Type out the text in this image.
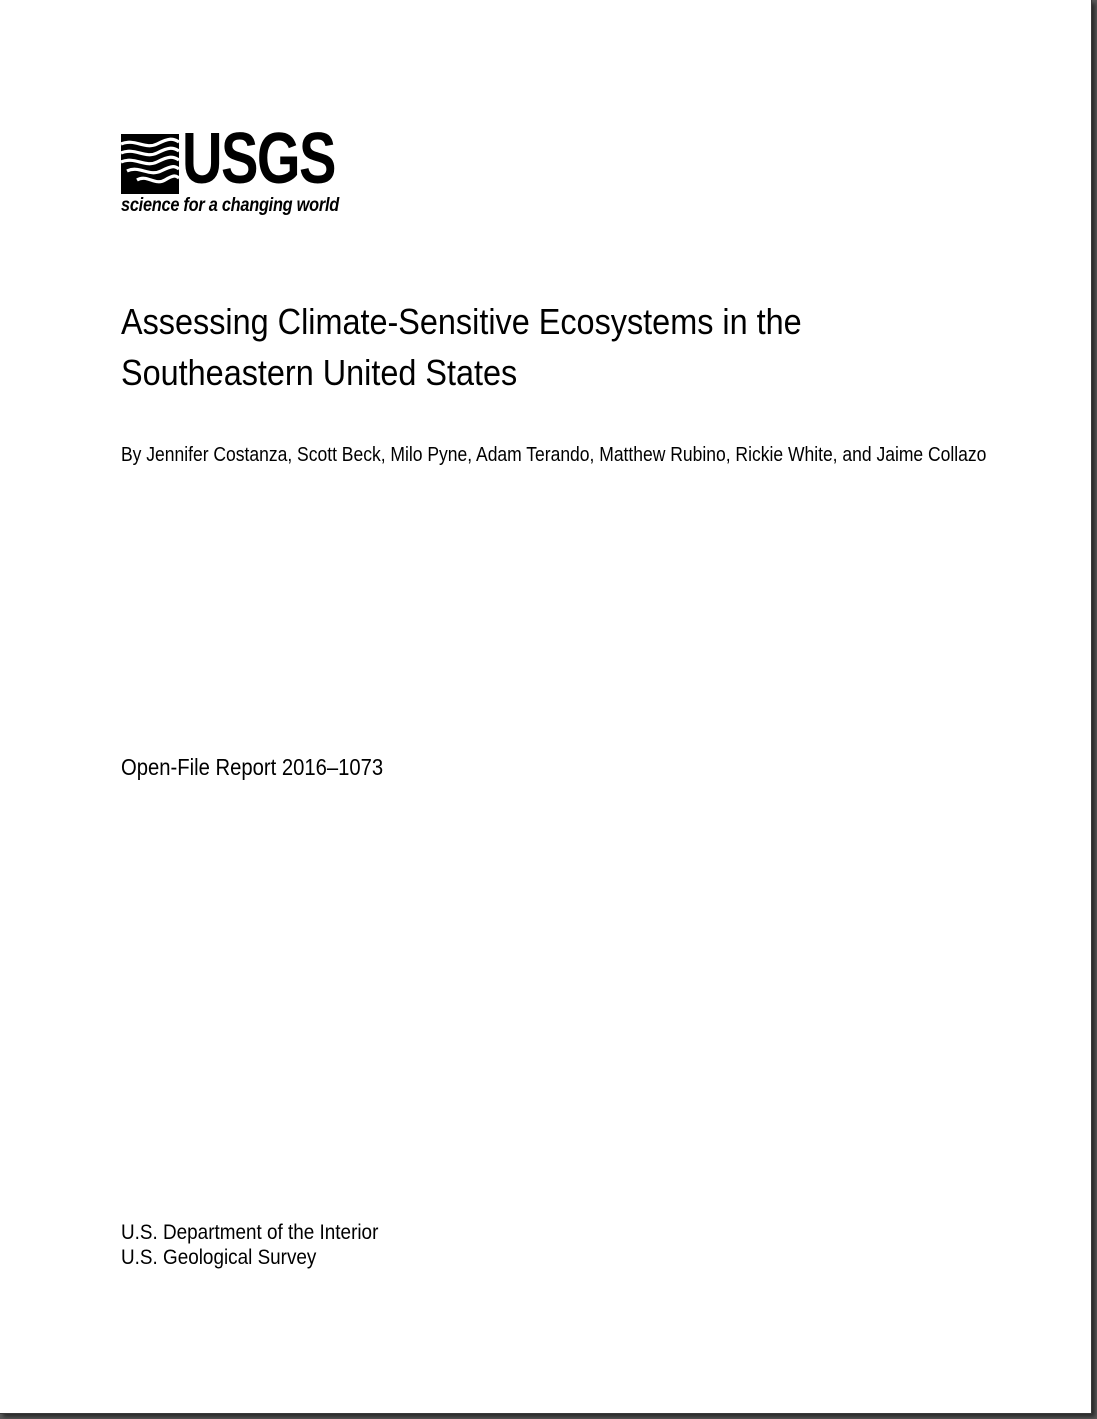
USGS
science for a changing world
Assessing Climate-Sensitive Ecosystems in the
Southeastern United States
By Jennifer Costanza, Scott Beck, Milo Pyne, Adam Terando, Matthew Rubino, Rickie White, and Jaime Collazo
Open-File Report 2016–1073
U.S. Department of the Interior
U.S. Geological Survey
